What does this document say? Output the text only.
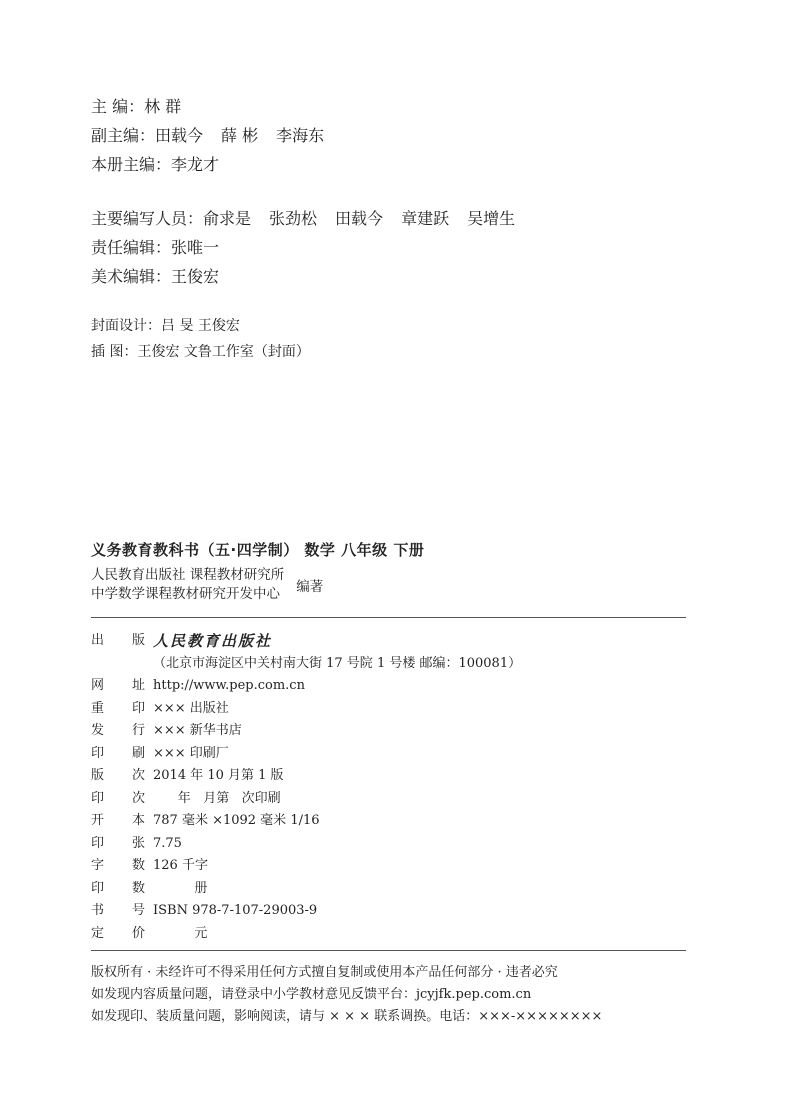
主 编：林 群
副主编：田载今 薛 彬 李海东
本册主编：李龙才
主要编写人员：俞求是 张劲松 田载今 章建跃 吴增生
责任编辑：张唯一
美术编辑：王俊宏
封面设计：吕 旻 王俊宏
插 图：王俊宏 文鲁工作室（封面）
义务教育教科书（五·四学制） 数学 八年级 下册
人民教育出版社 课程教材研究所
中学数学课程教材研究开发中心	编著
出 版 人民教育出版社
（北京市海淀区中关村南大街 17 号院 1 号楼 邮编：100081）
网 址 http://www.pep.com.cn
重 印 ××× 出版社
发 行 ××× 新华书店
印 刷 ××× 印刷厂
版 次 2014 年 10 月第 1 版
印 次 年   月第   次印刷
开 本 787 毫米 ×1092 毫米 1/16
印 张 7.75
字 数 126 千字
印 数 册
书 号 ISBN 978-7-107-29003-9
定 价 元
版权所有 · 未经许可不得采用任何方式擅自复制或使用本产品任何部分 · 违者必究
如发现内容质量问题，请登录中小学教材意见反馈平台：jcyjfk.pep.com.cn
如发现印、装质量问题，影响阅读，请与 × × × 联系调换。电话：×××-××××××××
